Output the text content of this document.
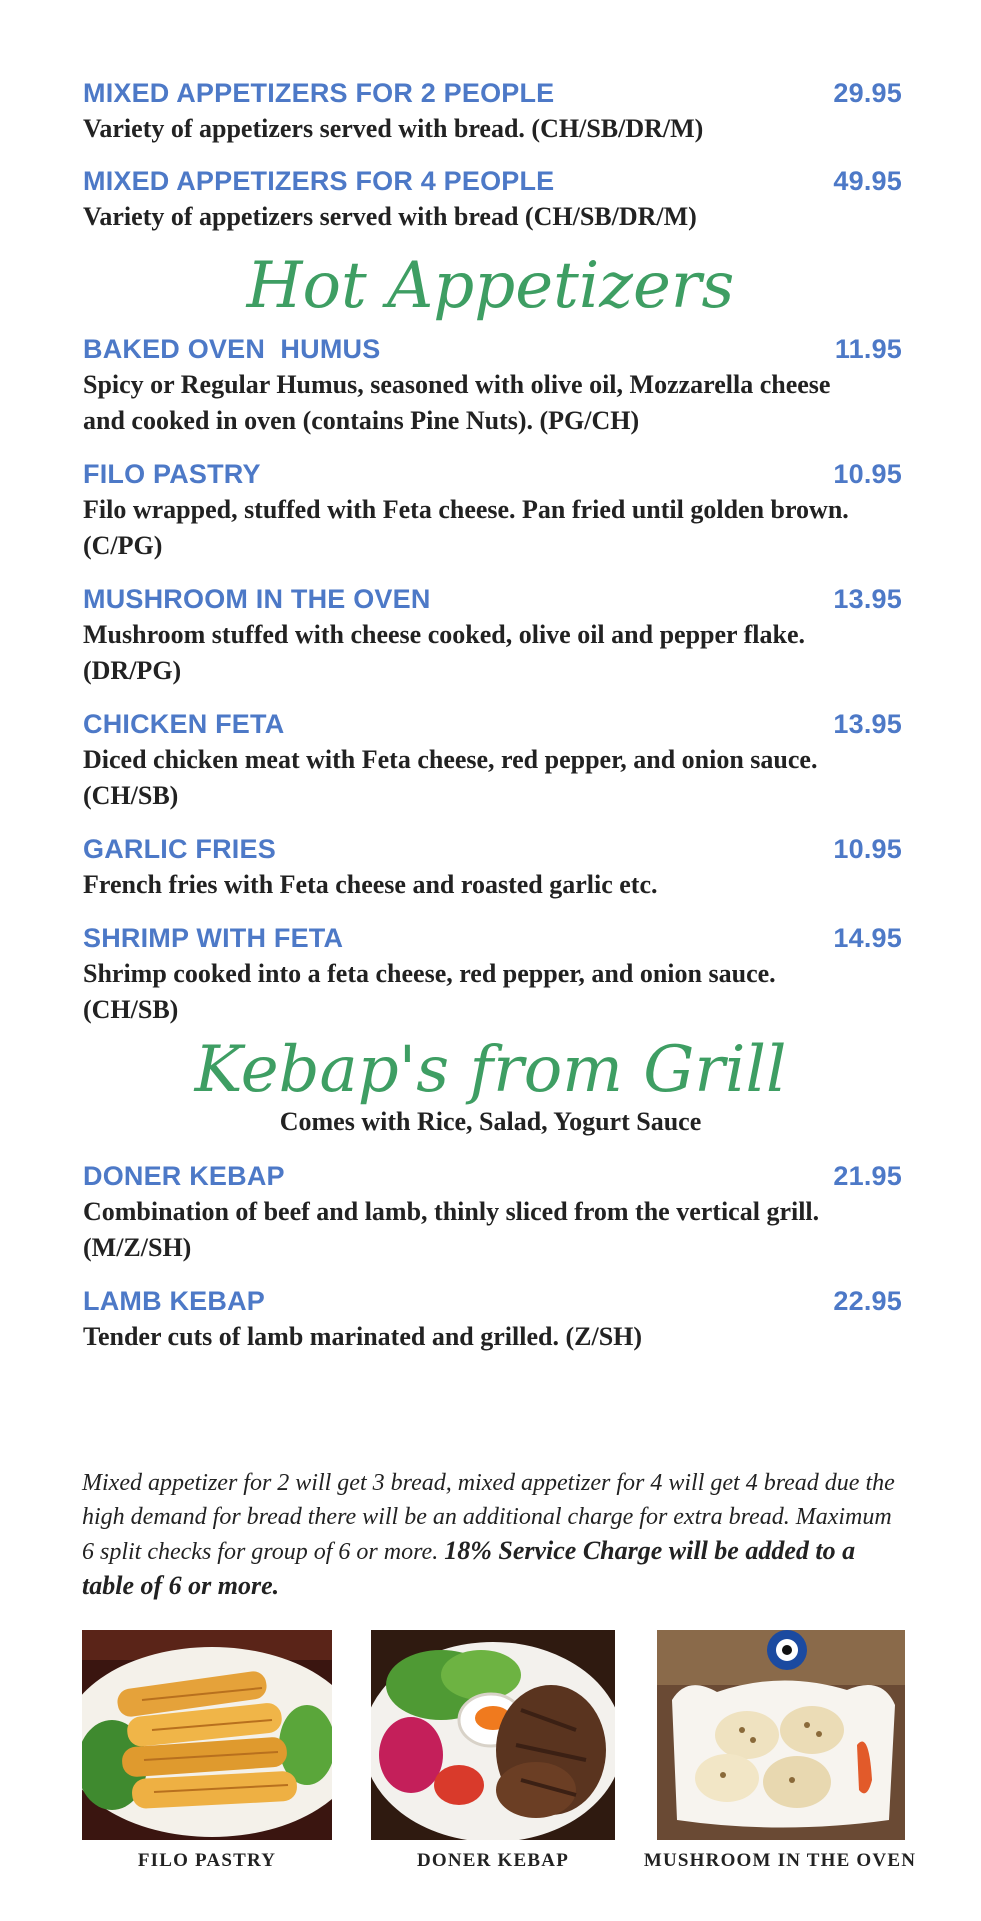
MIXED APPETIZERS FOR 2 PEOPLE	29.95
Variety of appetizers served with bread. (CH/SB/DR/M)
MIXED APPETIZERS FOR 4 PEOPLE	49.95
Variety of appetizers served with bread (CH/SB/DR/M)
Hot Appetizers
BAKED OVEN  HUMUS	11.95
Spicy or Regular Humus, seasoned with olive oil, Mozzarella cheese and cooked in oven (contains Pine Nuts). (PG/CH)
FILO PASTRY	10.95
Filo wrapped, stuffed with Feta cheese. Pan fried until golden brown. (C/PG)
MUSHROOM IN THE OVEN	13.95
Mushroom stuffed with cheese cooked, olive oil and pepper flake. (DR/PG)
CHICKEN FETA	13.95
Diced chicken meat with Feta cheese, red pepper, and onion sauce. (CH/SB)
GARLIC FRIES	10.95
French fries with Feta cheese and roasted garlic etc.
SHRIMP WITH FETA	14.95
Shrimp cooked into a feta cheese, red pepper, and onion sauce. (CH/SB)
Kebap's from Grill
Comes with Rice, Salad, Yogurt Sauce
DONER KEBAP	21.95
Combination of beef and lamb, thinly sliced from the vertical grill. (M/Z/SH)
LAMB KEBAP	22.95
Tender cuts of lamb marinated and grilled. (Z/SH)
Mixed appetizer for 2 will get 3 bread, mixed appetizer for 4 will get 4 bread due the high demand for bread there will be an additional charge for extra bread. Maximum 6 split checks for group of 6 or more. 18% Service Charge will be added to a table of 6 or more.
FILO PASTRY	DONER KEBAP	MUSHROOM IN THE OVEN
